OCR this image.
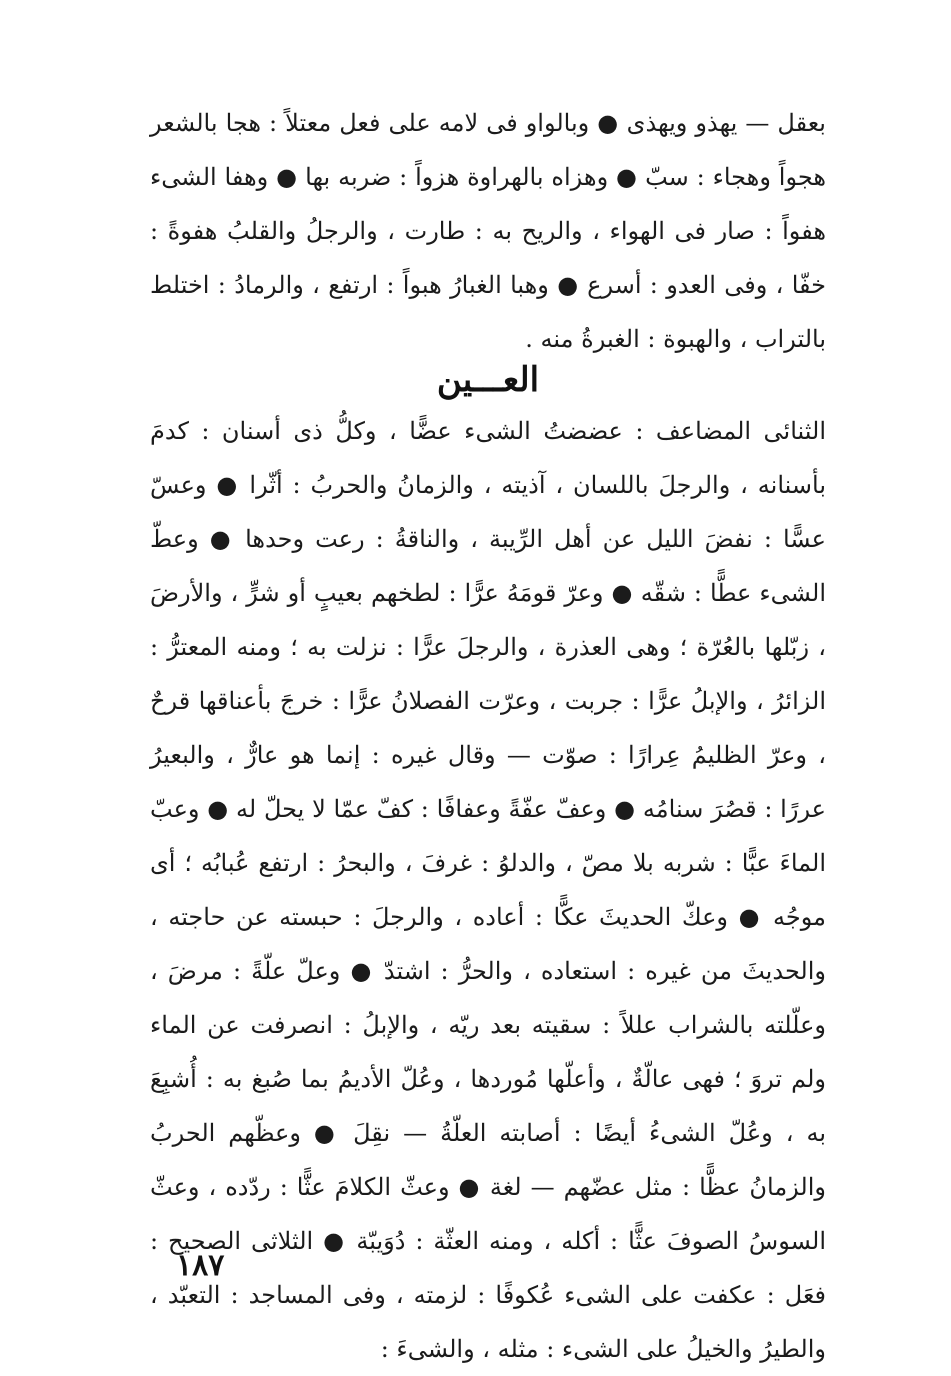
بعقل — يهذو ويهذى ● وبالواو فى لامه على فعل معتلاً : هجا بالشعر هجواً وهجاء : سبّ ● وهزاه بالهراوة هزواً : ضربه بها ● وهفا الشىء هفواً : صار فى الهواء ، والريح به : طارت ، والرجلُ والقلبُ هفوةً : خفّا ، وفى العدو : أسرع ● وهبا الغبارُ هبواً : ارتفع ، والرمادُ : اختلط بالتراب ، والهبوة : الغبرةُ منه .

العـــين

الثنائى المضاعف : عضضتُ الشىء عضًّا ، وكلُّ ذى أسنان : كدمَ بأسنانه ، والرجلَ باللسان ، آذيته ، والزمانُ والحربُ : أثّرا ● وعسّ عسًّا : نفضَ الليل عن أهل الرِّيبة ، والناقةُ : رعت وحدها ● وعطّ الشىء عطًّا : شقّه ● وعرّ قومَهُ عرًّا : لطخهم بعيبٍ أو شرٍّ ، والأرضَ ، زبّلها بالعُرّة ؛ وهى العذرة ، والرجلَ عرًّا : نزلت به ؛ ومنه المعترُّ : الزائرُ ، والإبلُ عرًّا : جربت ، وعرّت الفصلانُ عرًّا : خرجَ بأعناقها قرحٌ ، وعرّ الظليمُ عِرارًا : صوّت — وقال غيره : إنما هو عارٌّ ، والبعيرُ عررًا : قصُرَ سنامُه ● وعفّ عفّةً وعفافًا : كفّ عمّا لا يحلّ له ● وعبّ الماءَ عبًّا : شربه بلا مصّ ، والدلوُ : غرفَ ، والبحرُ : ارتفع عُبابُه ؛ أى موجُه ● وعكّ الحديثَ عكًّا : أعاده ، والرجلَ : حبسته عن حاجته ، والحديثَ من غيره : استعاده ، والحرُّ : اشتدّ ● وعلّ علّةً : مرضَ ، وعلّلته بالشراب عللاً : سقيته بعد ريّه ، والإبلُ : انصرفت عن الماء ولم تروَ ؛ فهى عالّةٌ ، وأعلّها مُوردها ، وعُلّ الأديمُ بما صُبغ به : أُشبِعَ به ، وعُلّ الشىءُ أيضًا : أصابته العلّةُ — نقِلَ ● وعظّهم الحربُ والزمانُ عظًّا : مثل عضّهم — لغة ● وعثّ الكلامَ عثًّا : ردّده ، وعثّ السوسُ الصوفَ عثًّا : أكله ، ومنه العثّة : دُوَيبّة ● الثلاثى الصحيح : فعَل : عكفت على الشىء عُكوفًا : لزمته ، وفى المساجد : التعبّد ، والطيرُ والخيلُ على الشىء : مثله ، والشىءَ :

١٨٧
